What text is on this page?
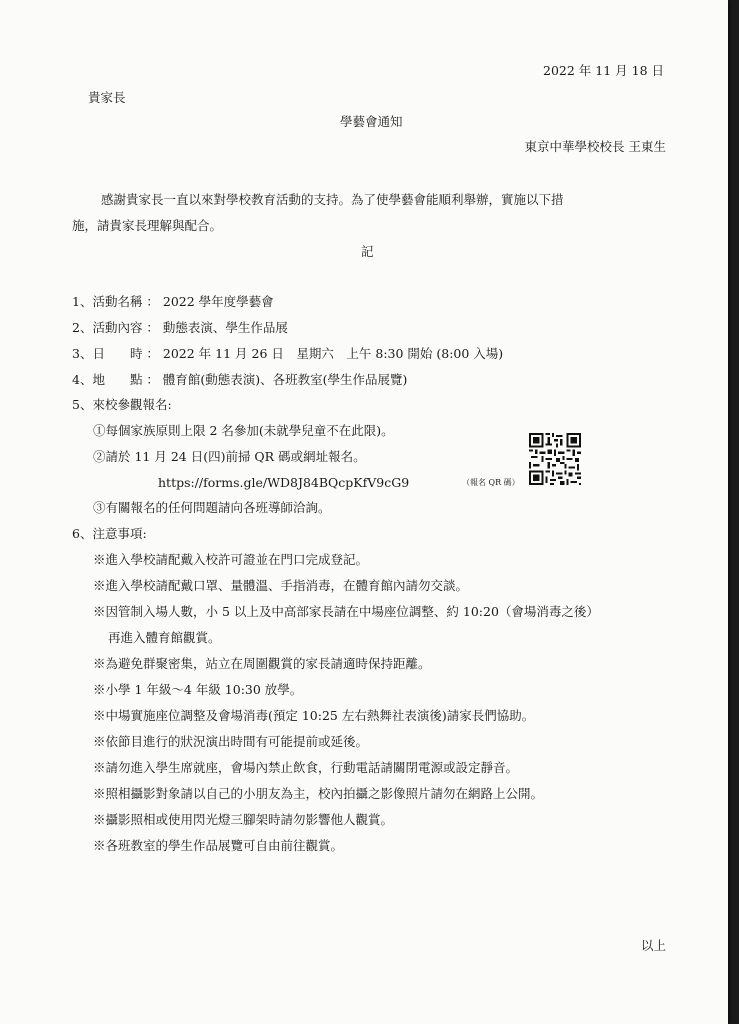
2022 年 11 月 18 日
貴家長
學藝會通知
東京中華學校校長 王東生
感謝貴家長一直以來對學校教育活動的支持。為了使學藝會能順利舉辦，實施以下措
施，請貴家長理解與配合。
記
1、活動名稱 ： 2022 學年度學藝會
2、活動內容 ： 動態表演、學生作品展
3、日　　時 ： 2022 年 11 月 26 日　星期六　上午 8:30 開始 (8:00 入場)
4、地　　點 ： 體育館(動態表演)、各班教室(學生作品展覽)
5、來校參觀報名:
①每個家族原則上限 2 名參加(未就學兒童不在此限)。
②請於 11 月 24 日(四)前掃 QR 碼或網址報名。
https://forms.gle/WD8J84BQcpKfV9cG9	（報名 QR 碼）
③有關報名的任何問題請向各班導師洽詢。
6、注意事項:
※進入學校請配戴入校許可證並在門口完成登記。
※進入學校請配戴口罩、量體溫、手指消毒，在體育館內請勿交談。
※因管制入場人數，小 5 以上及中高部家長請在中場座位調整、約 10:20（會場消毒之後）
再進入體育館觀賞。
※為避免群聚密集，站立在周圍觀賞的家長請適時保持距離。
※小學 1 年級～4 年級 10:30 放學。
※中場實施座位調整及會場消毒(預定 10:25 左右熱舞社表演後)請家長們協助。
※依節目進行的狀況演出時間有可能提前或延後。
※請勿進入學生席就座，會場內禁止飲食，行動電話請關閉電源或設定靜音。
※照相攝影對象請以自己的小朋友為主，校內拍攝之影像照片請勿在網路上公開。
※攝影照相或使用閃光燈三腳架時請勿影響他人觀賞。
※各班教室的學生作品展覽可自由前往觀賞。
以上
